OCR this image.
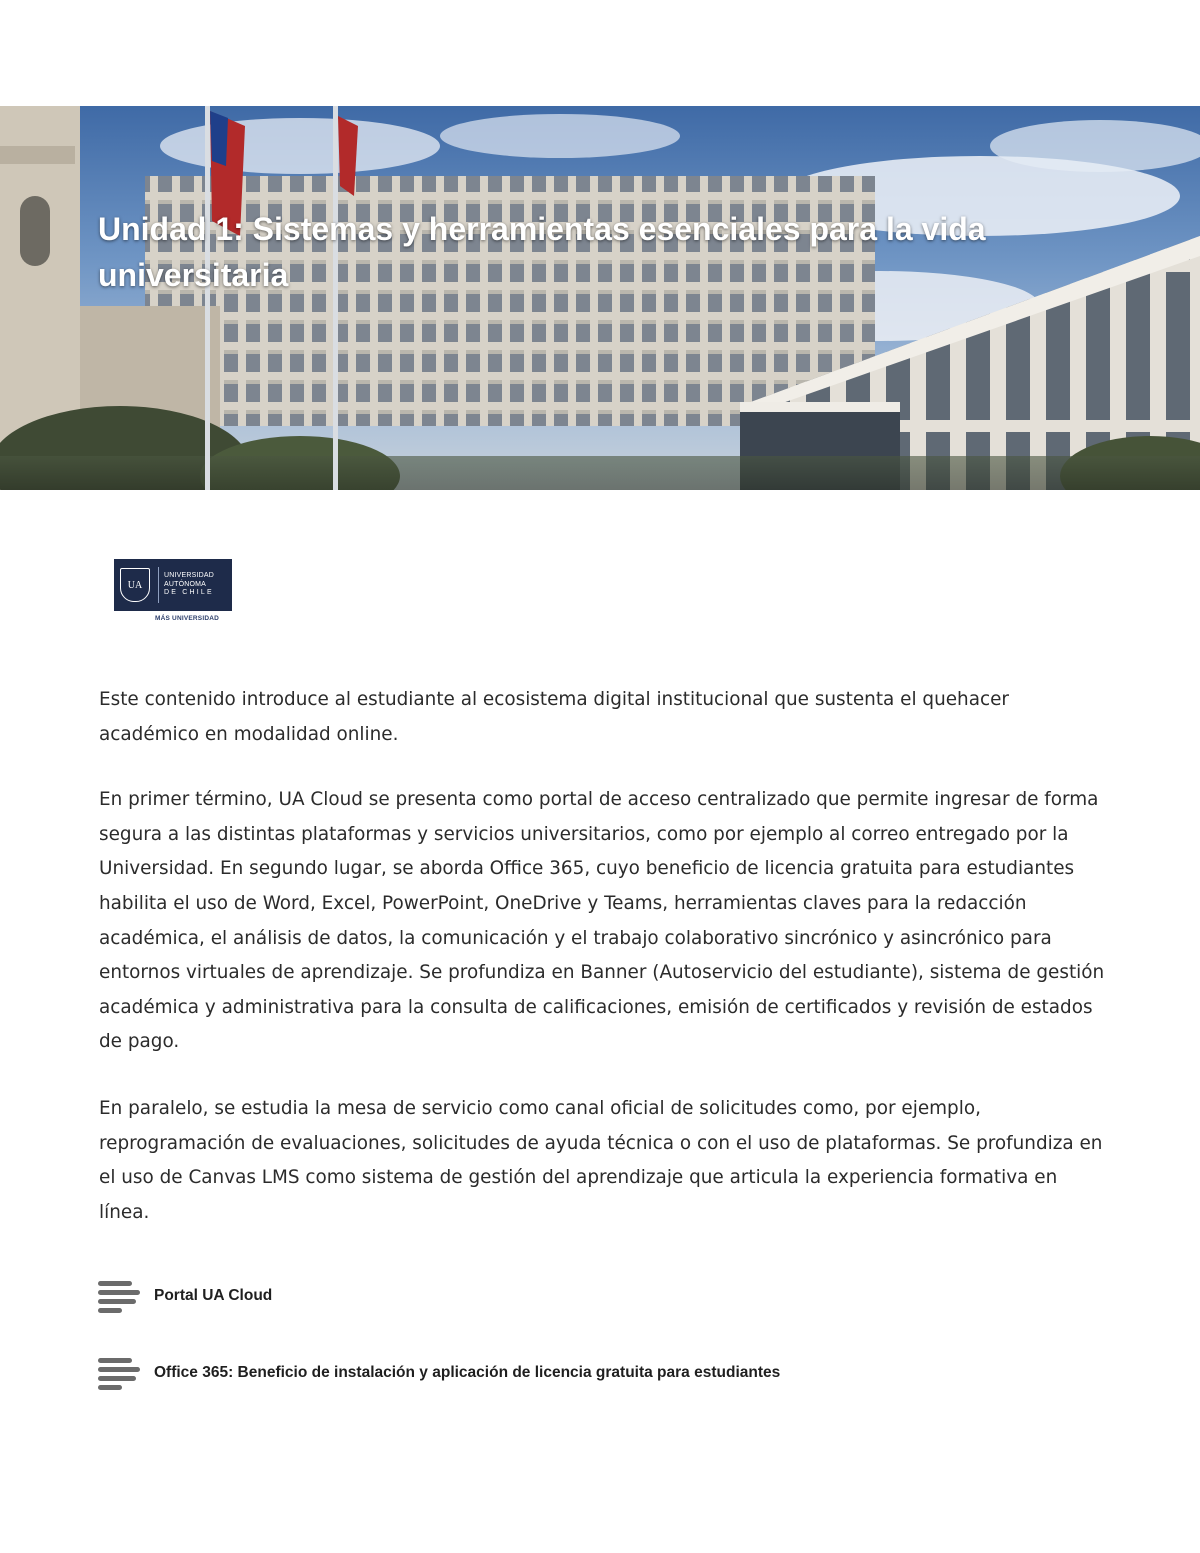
Unidad 1: Sistemas y herramientas esenciales para la vida universitaria
UA
UNIVERSIDAD
AUTÓNOMA
DE CHILE
MÁS UNIVERSIDAD

Este contenido introduce al estudiante al ecosistema digital institucional que sustenta el quehacer académico en modalidad online.

En primer término, UA Cloud se presenta como portal de acceso centralizado que permite ingresar de forma segura a las distintas plataformas y servicios universitarios, como por ejemplo al correo entregado por la Universidad. En segundo lugar, se aborda Office 365, cuyo beneficio de licencia gratuita para estudiantes habilita el uso de Word, Excel, PowerPoint, OneDrive y Teams, herramientas claves para la redacción académica, el análisis de datos, la comunicación y el trabajo colaborativo sincrónico y asincrónico para entornos virtuales de aprendizaje. Se profundiza en Banner (Autoservicio del estudiante), sistema de gestión académica y administrativa para la consulta de calificaciones, emisión de certificados y revisión de estados de pago.

En paralelo, se estudia la mesa de servicio como canal oficial de solicitudes como, por ejemplo, reprogramación de evaluaciones, solicitudes de ayuda técnica o con el uso de plataformas. Se profundiza en el uso de Canvas LMS como sistema de gestión del aprendizaje que articula la experiencia formativa en línea.

Portal UA Cloud
Office 365: Beneficio de instalación y aplicación de licencia gratuita para estudiantes
